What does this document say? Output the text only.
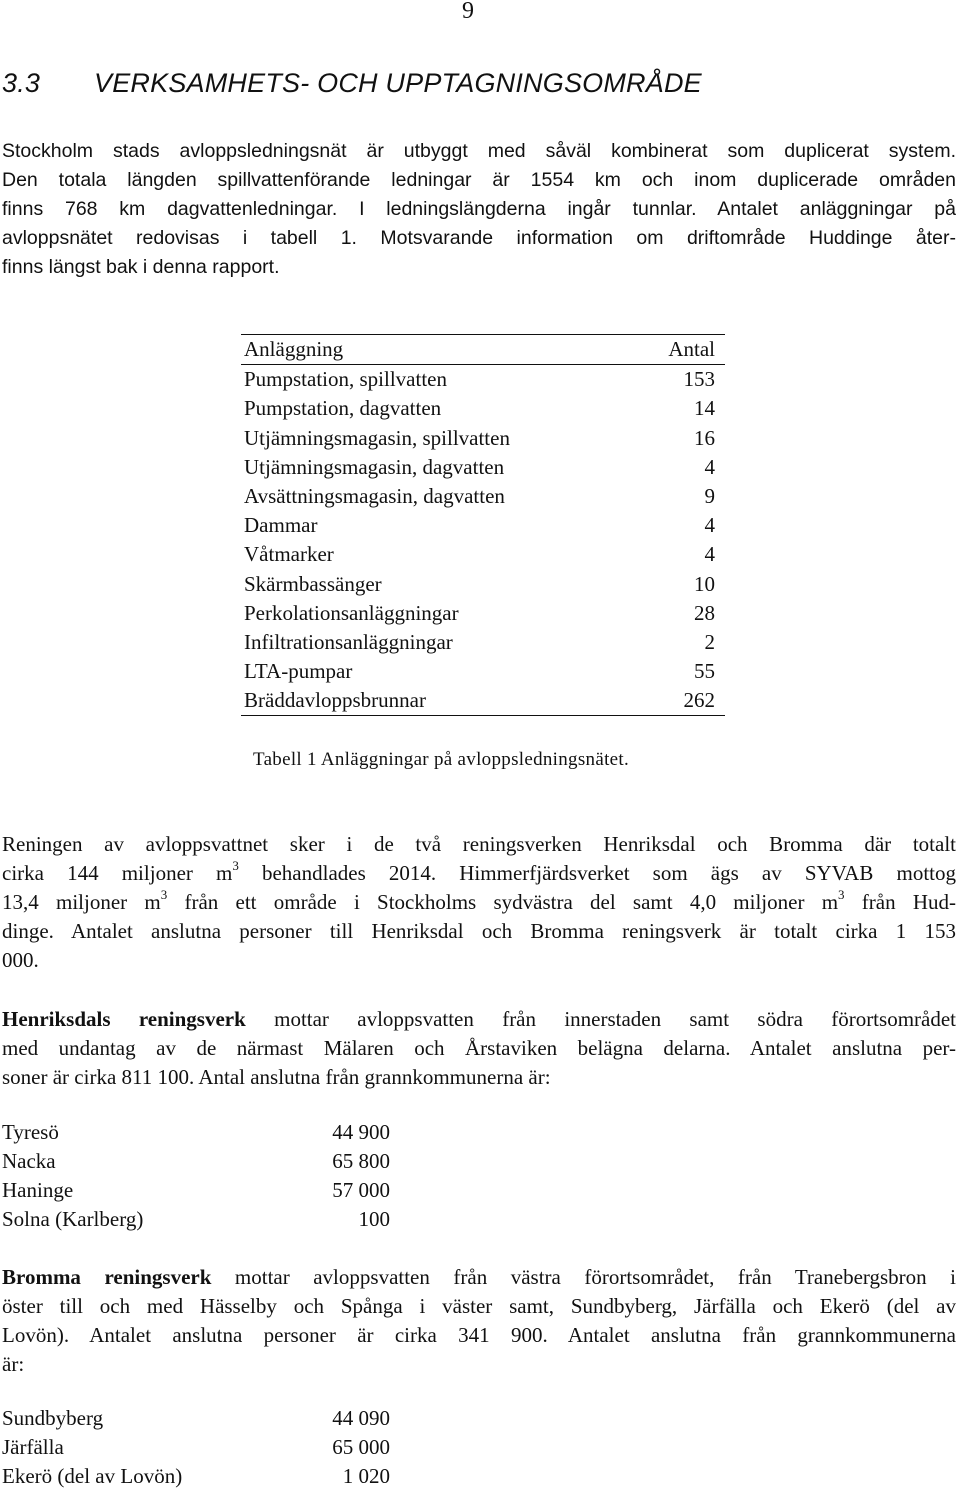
9
3.3 VERKSAMHETS- OCH UPPTAGNINGSOMRÅDE

Stockholm stads avloppsledningsnät är utbyggt med såväl kombinerat som duplicerat system.
Den totala längden spillvattenförande ledningar är 1554 km och inom duplicerade områden
finns 768 km dagvattenledningar. I ledningslängderna ingår tunnlar. Antalet anläggningar på
avloppsnätet redovisas i tabell 1. Motsvarande information om driftområde Huddinge åter-
finns längst bak i denna rapport.

Anläggning	Antal
Pumpstation, spillvatten	153
Pumpstation, dagvatten	14
Utjämningsmagasin, spillvatten	16
Utjämningsmagasin, dagvatten	4
Avsättningsmagasin, dagvatten	9
Dammar	4
Våtmarker	4
Skärmbassänger	10
Perkolationsanläggningar	28
Infiltrationsanläggningar	2
LTA-pumpar	55
Bräddavloppsbrunnar	262
Tabell 1 Anläggningar på avloppsledningsnätet.

Reningen av avloppsvattnet sker i de två reningsverken Henriksdal och Bromma där totalt
cirka 144 miljoner $m^3$ behandlades 2014. Himmerfjärdsverket som ägs av SYVAB mottog
13,4 miljoner $m^3$ från ett område i Stockholms sydvästra del samt 4,0 miljoner $m^3$ från Hud-
dinge. Antalet anslutna personer till Henriksdal och Bromma reningsverk är totalt cirka 1 153
000.

Henriksdals reningsverk mottar avloppsvatten från innerstaden samt södra förortsområdet
med undantag av de närmast Mälaren och Årstaviken belägna delarna. Antalet anslutna per-
soner är cirka 811 100. Antal anslutna från grannkommunerna är:

Tyresö	44 900
Nacka	65 800
Haninge	57 000
Solna (Karlberg)	100

Bromma reningsverk mottar avloppsvatten från västra förortsområdet, från Tranebergsbron i
öster till och med Hässelby och Spånga i väster samt, Sundbyberg, Järfälla och Ekerö (del av
Lovön). Antalet anslutna personer är cirka 341 900. Antalet anslutna från grannkommunerna
är:

Sundbyberg	44 090
Järfälla	65 000
Ekerö (del av Lovön)	1 020
